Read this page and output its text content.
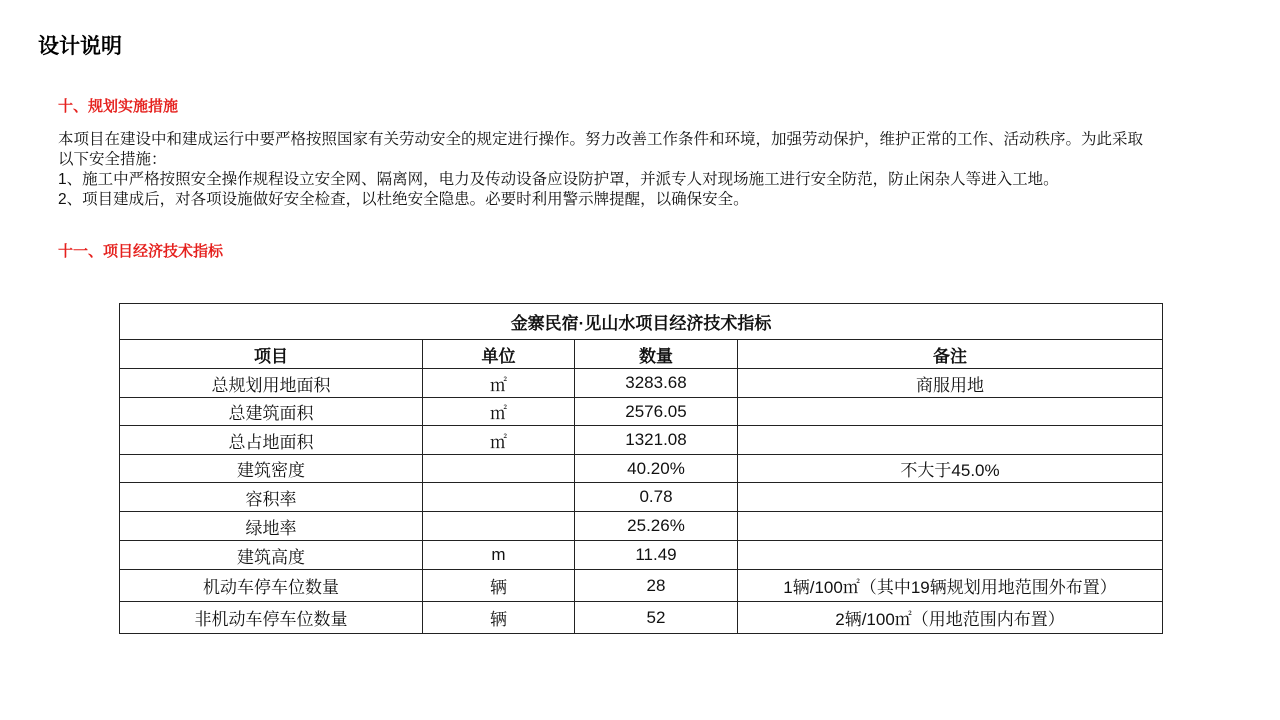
设计说明
十、规划实施措施
本项目在建设中和建成运行中要严格按照国家有关劳动安全的规定进行操作。努力改善工作条件和环境，加强劳动保护，维护正常的工作、活动秩序。为此采取
以下安全措施：
1、施工中严格按照安全操作规程设立安全网、隔离网，电力及传动设备应设防护罩，并派专人对现场施工进行安全防范，防止闲杂人等进入工地。
2、项目建成后，对各项设施做好安全检查，以杜绝安全隐患。必要时利用警示牌提醒，以确保安全。
十一、项目经济技术指标
金寨民宿·见山水项目经济技术指标			
项目	单位	数量	备注
总规划用地面积	㎡	3283.68	商服用地
总建筑面积	㎡	2576.05	
总占地面积	㎡	1321.08	
建筑密度		40.20%	不大于45.0%
容积率		0.78	
绿地率		25.26%	
建筑高度	m	11.49	
机动车停车位数量	辆	28	1辆/100㎡（其中19辆规划用地范围外布置）
非机动车停车位数量	辆	52	2辆/100㎡（用地范围内布置）
